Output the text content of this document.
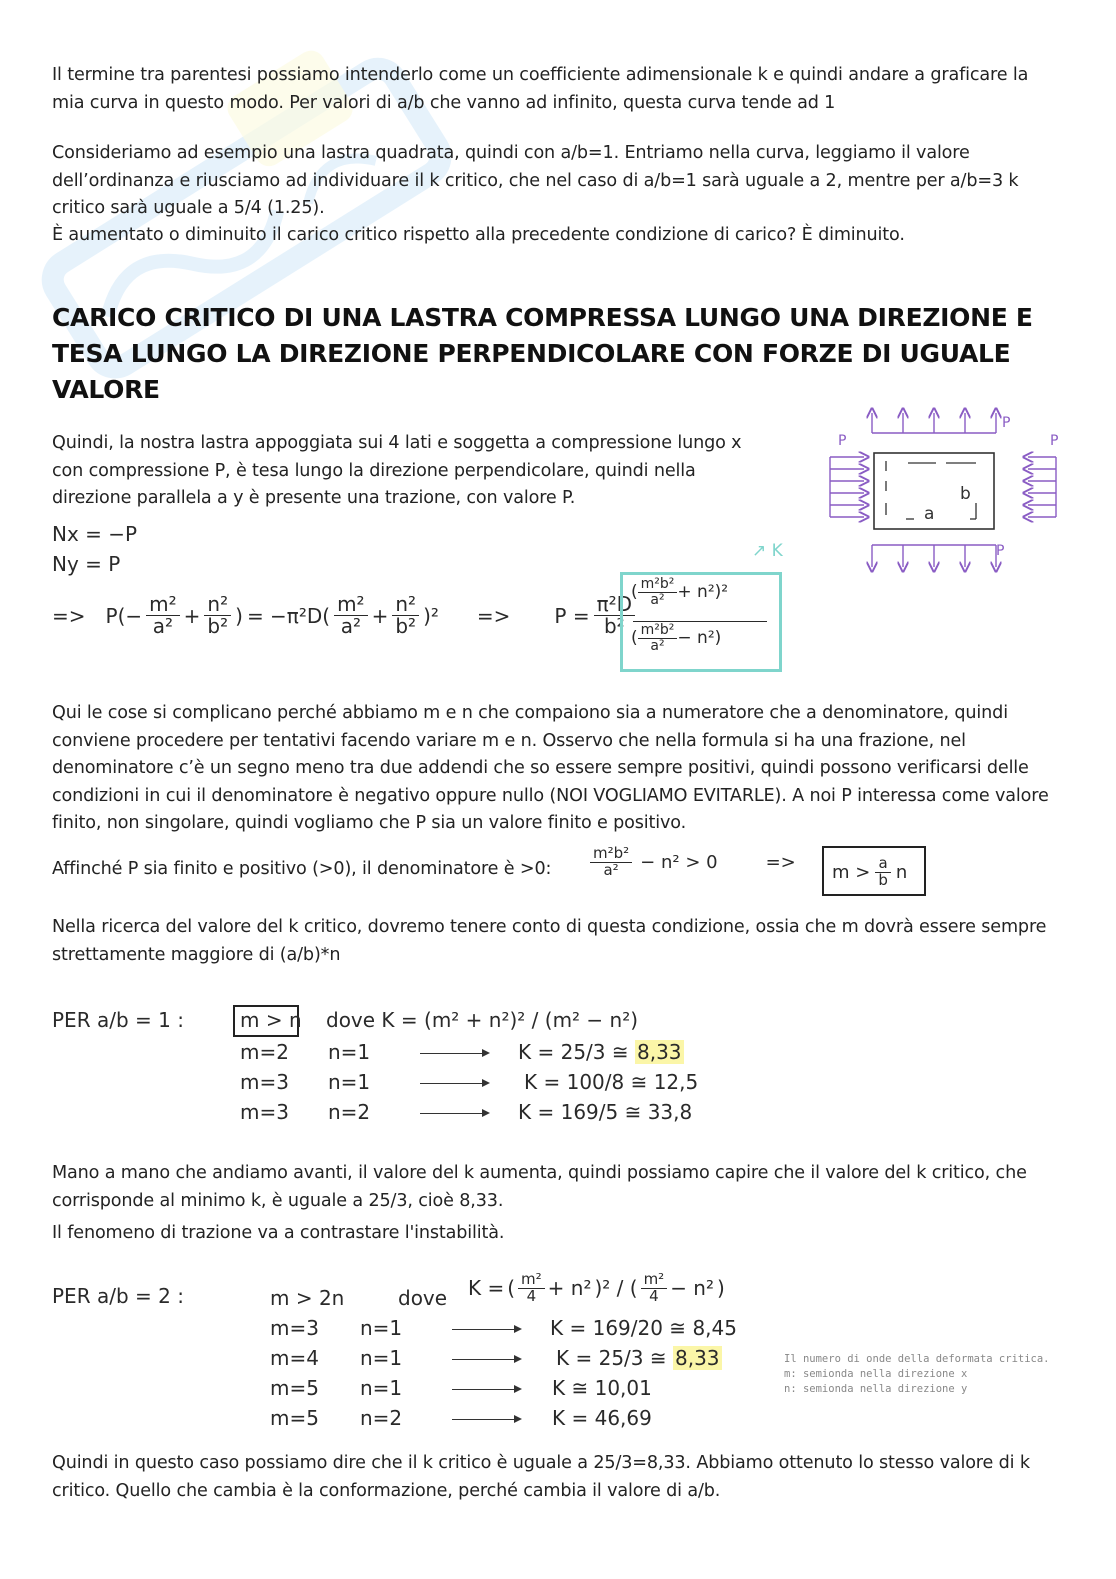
Il termine tra parentesi possiamo intenderlo come un coefficiente adimensionale k e quindi andare a graficare la mia curva in questo modo. Per valori di a/b che vanno ad infinito, questa curva tende ad 1

Consideriamo ad esempio una lastra quadrata, quindi con a/b=1. Entriamo nella curva, leggiamo il valore dell’ordinanza e riusciamo ad individuare il k critico, che nel caso di a/b=1 sarà uguale a 2, mentre per a/b=3 k critico sarà uguale a 5/4 (1.25).

È aumentato o diminuito il carico critico rispetto alla precedente condizione di carico? È diminuito.

CARICO CRITICO DI UNA LASTRA COMPRESSA LUNGO UNA DIREZIONE E TESA LUNGO LA DIREZIONE PERPENDICOLARE CON FORZE DI UGUALE VALORE

Quindi, la nostra lastra appoggiata sui 4 lati e soggetta a compressione lungo x con compressione P, è tesa lungo la direzione perpendicolare, quindi nella direzione parallela a y è presente una trazione, con valore P.

a
b
P
P	P
P
Nx = −P
Ny = P
=> $P(- \frac{\text{m²}}{\text{a²}} + \frac{\text{n²}}{\text{b²}}$ ) = $-\pi^2D( \frac{\text{m²}}{\text{a²}} + \frac{\text{n²}}{\text{b²}} )^2 => P = \frac{\text{π²D}}{\text{b²}}$
( $\frac{\text{m²b²}}{\text{a²}} + n^2$ )²
( $\frac{\text{m²b²}}{\text{a²}} - n^2$ )
↗ K

Qui le cose si complicano perché abbiamo m e n che compaiono sia a numeratore che a denominatore, quindi conviene procedere per tentativi facendo variare m e n. Osservo che nella formula si ha una frazione, nel denominatore c’è un segno meno tra due addendi che so essere sempre positivi, quindi possono verificarsi delle condizioni in cui il denominatore è negativo oppure nullo (NOI VOGLIAMO EVITARLE). A noi P interessa come valore finito, non singolare, quindi vogliamo che P sia un valore finito e positivo.

Affinché P sia finito e positivo (>0), il denominatore è >0:	$\frac{\text{m²b²}}{\text{a²}} - n^2 > 0$	=> $m > \frac{a}{b}$ n

Nella ricerca del valore del k critico, dovremo tenere conto di questa condizione, ossia che m dovrà essere sempre strettamente maggiore di (a/b)*n

PER a/b = 1 :	m > n dove K = (m² + n²)² / (m² − n²)
m=2 n=1	K = 25/3 ≅ 8,33
m=3 n=1	K = 100/8 ≅ 12,5
m=3 n=2	K = 169/5 ≅ 33,8

Mano a mano che andiamo avanti, il valore del k aumenta, quindi possiamo capire che il valore del k critico, che corrisponde al minimo k, è uguale a 25/3, cioè 8,33.

Il fenomeno di trazione va a contrastare l'instabilità.

PER a/b = 2 :	m > 2n	dove K = ( $\frac{\text{m²}}{4} + n^2$ )² / ( $\frac{\text{m²}}{4} - n^2$ )
m=3 n=1	K = 169/20 ≅ 8,45
m=4 n=1	K = 25/3 ≅ 8,33
m=5 n=1	K ≅ 10,01
m=5 n=2	K = 46,69
Il numero di onde della deformata critica.
m: semionda nella direzione x
n: semionda nella direzione y

Quindi in questo caso possiamo dire che il k critico è uguale a 25/3=8,33. Abbiamo ottenuto lo stesso valore di k critico. Quello che cambia è la conformazione, perché cambia il valore di a/b.
